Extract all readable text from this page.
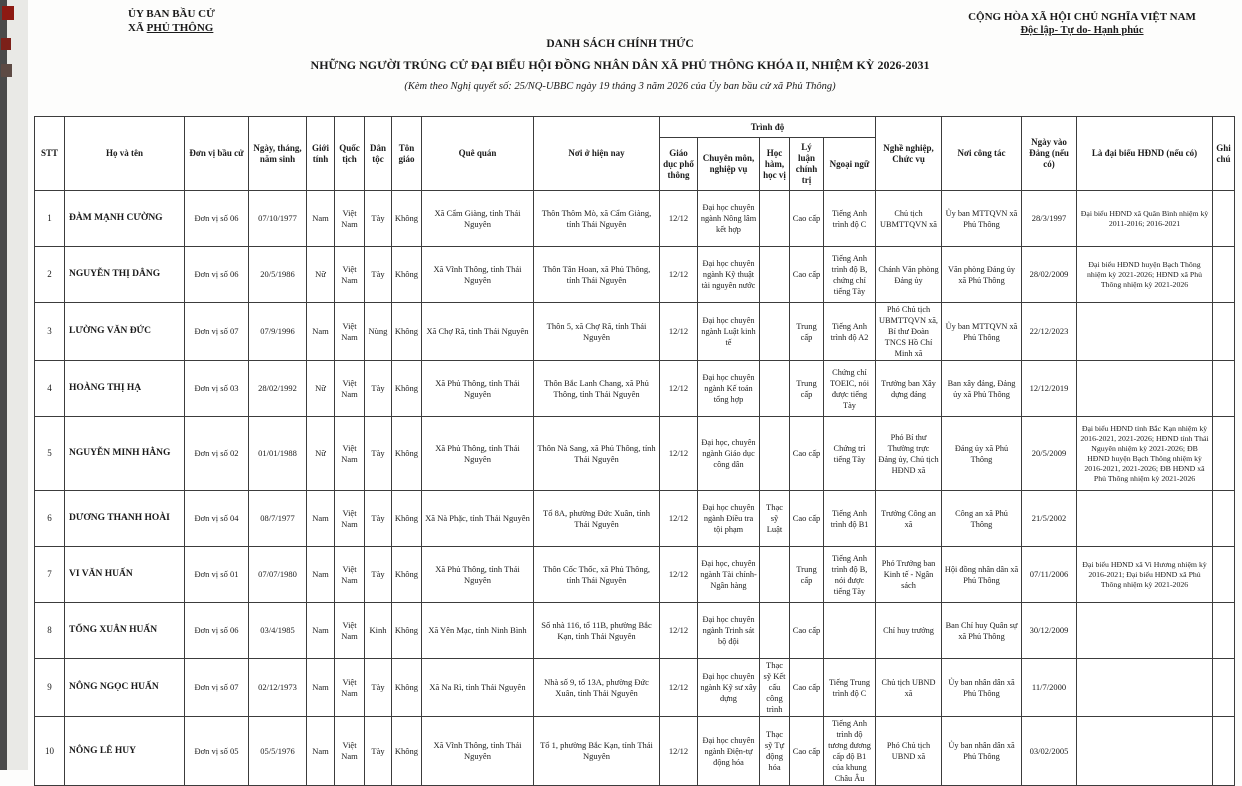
ỦY BAN BẦU CỬ
XÃ PHỦ THÔNG
CỘNG HÒA XÃ HỘI CHỦ NGHĨA VIỆT NAM
Độc lập- Tự do- Hạnh phúc
DANH SÁCH CHÍNH THỨC
NHỮNG NGƯỜI TRÚNG CỬ ĐẠI BIỂU HỘI ĐỒNG NHÂN DÂN XÃ PHỦ THÔNG KHÓA II, NHIỆM KỲ 2026-2031
(Kèm theo Nghị quyết số: 25/NQ-UBBC ngày 19 tháng 3 năm 2026 của Ủy ban bầu cử xã Phủ Thông)
STT	Họ và tên	Đơn vị bầu cử	Ngày, tháng, năm sinh	Giới tính	Quốc tịch	Dân tộc	Tôn giáo	Quê quán	Nơi ở hiện nay	Trình độ					Nghề nghiệp, Chức vụ	Nơi công tác	Ngày vào Đảng (nếu có)	Là đại biểu HĐND (nếu có)	Ghi chú
										Giáo dục phổ thông	Chuyên môn, nghiệp vụ	Học hàm, học vị	Lý luận chính trị	Ngoại ngữ					
1	ĐÀM MẠNH CƯỜNG	Đơn vị số 06	07/10/1977	Nam	Việt Nam	Tày	Không	Xã Cẩm Giàng, tỉnh Thái Nguyên	Thôn Thôm Mò, xã Cẩm Giàng, tỉnh Thái Nguyên	12/12	Đại học chuyên ngành Nông lâm kết hợp		Cao cấp	Tiếng Anh trình độ C	Chủ tịch UBMTTQVN xã	Ủy ban MTTQVN xã Phủ Thông	28/3/1997	Đại biểu HĐND xã Quân Bình nhiệm kỳ 2011-2016; 2016-2021	
2	NGUYỄN THỊ DÂNG	Đơn vị số 06	20/5/1986	Nữ	Việt Nam	Tày	Không	Xã Vĩnh Thông, tỉnh Thái Nguyên	Thôn Tân Hoan, xã Phủ Thông, tỉnh Thái Nguyên	12/12	Đại học chuyên ngành Kỹ thuật tài nguyên nước		Cao cấp	Tiếng Anh trình độ B, chứng chỉ tiếng Tày	Chánh Văn phòng Đảng ủy	Văn phòng Đảng ủy xã Phủ Thông	28/02/2009	Đại biểu HĐND huyện Bạch Thông nhiệm kỳ 2021-2026; HĐND xã Phủ Thông nhiệm kỳ 2021-2026	
3	LƯỜNG VĂN ĐỨC	Đơn vị số 07	07/9/1996	Nam	Việt Nam	Nùng	Không	Xã Chợ Rã, tỉnh Thái Nguyên	Thôn 5, xã Chợ Rã, tỉnh Thái Nguyên	12/12	Đại học chuyên ngành Luật kinh tế		Trung cấp	Tiếng Anh trình độ A2	Phó Chủ tịch UBMTTQVN xã, Bí thư Đoàn TNCS Hồ Chí Minh xã	Ủy ban MTTQVN xã Phủ Thông	22/12/2023		
4	HOÀNG THỊ HẠ	Đơn vị số 03	28/02/1992	Nữ	Việt Nam	Tày	Không	Xã Phủ Thông, tỉnh Thái Nguyên	Thôn Bắc Lanh Chang, xã Phủ Thông, tỉnh Thái Nguyên	12/12	Đại học chuyên ngành Kế toán tổng hợp		Trung cấp	Chứng chỉ TOEIC, nói được tiếng Tày	Trưởng ban Xây dựng đảng	Ban xây đảng, Đảng ủy xã Phủ Thông	12/12/2019		
5	NGUYỄN MINH HẰNG	Đơn vị số 02	01/01/1988	Nữ	Việt Nam	Tày	Không	Xã Phủ Thông, tỉnh Thái Nguyên	Thôn Nà Sang, xã Phủ Thông, tỉnh Thái Nguyên	12/12	Đại học, chuyên ngành Giáo dục công dân		Cao cấp	Chứng trỉ tiếng Tày	Phó Bí thư Thường trực Đảng ủy, Chủ tịch HĐND xã	Đảng ủy xã Phủ Thông	20/5/2009	Đại biểu HĐND tỉnh Bắc Kạn nhiệm kỳ 2016-2021, 2021-2026; HĐND tỉnh Thái Nguyên nhiệm kỳ 2021-2026; ĐB HĐND huyện Bạch Thông nhiệm kỳ 2016-2021, 2021-2026; ĐB HĐND xã Phủ Thông nhiệm kỳ 2021-2026	
6	DƯƠNG THANH HOÀI	Đơn vị số 04	08/7/1977	Nam	Việt Nam	Tày	Không	Xã Nà Phặc, tỉnh Thái Nguyên	Tổ 8A, phường Đức Xuân, tỉnh Thái Nguyên	12/12	Đại học chuyên ngành Điều tra tội phạm	Thạc sỹ Luật	Cao cấp	Tiếng Anh trình độ B1	Trưởng Công an xã	Công an xã Phủ Thông	21/5/2002		
7	VI VĂN HUẤN	Đơn vị số 01	07/07/1980	Nam	Việt Nam	Tày	Không	Xã Phủ Thông, tỉnh Thái Nguyên	Thôn Cốc Thốc, xã Phủ Thông, tỉnh Thái Nguyên	12/12	Đại học, chuyên ngành Tài chính-Ngân hàng		Trung cấp	Tiếng Anh trình độ B, nói được tiếng Tày	Phó Trưởng ban Kinh tế - Ngân sách	Hội đồng nhân dân xã Phủ Thông	07/11/2006	Đại biểu HĐND xã Vi Hương nhiệm kỳ 2016-2021; Đại biểu HĐND xã Phủ Thông nhiệm kỳ 2021-2026	
8	TỐNG XUÂN HUẤN	Đơn vị số 06	03/4/1985	Nam	Việt Nam	Kinh	Không	Xã Yên Mạc, tỉnh Ninh Bình	Số nhà 116, tổ 11B, phường Bắc Kạn, tỉnh Thái Nguyên	12/12	Đại học chuyên ngành Trinh sát bộ đội		Cao cấp		Chỉ huy trưởng	Ban Chỉ huy Quân sự xã Phủ Thông	30/12/2009		
9	NÔNG NGỌC HUẤN	Đơn vị số 07	02/12/1973	Nam	Việt Nam	Tày	Không	Xã Na Rì, tỉnh Thái Nguyên	Nhà số 9, tổ 13A, phường Đức Xuân, tỉnh Thái Nguyên	12/12	Đại học chuyên ngành Kỹ sư xây dựng	Thạc sỹ Kết cấu công trình	Cao cấp	Tiếng Trung trình độ C	Chủ tịch UBND xã	Ủy ban nhân dân xã Phủ Thông	11/7/2000		
10	NÔNG LÊ HUY	Đơn vị số 05	05/5/1976	Nam	Việt Nam	Tày	Không	Xã Vĩnh Thông, tỉnh Thái Nguyên	Tổ 1, phường Bắc Kạn, tỉnh Thái Nguyên	12/12	Đại học chuyên ngành Điện-tự động hóa	Thạc sỹ Tự động hóa	Cao cấp	Tiếng Anh trình độ tương đương cấp độ B1 của khung Châu Âu	Phó Chủ tịch UBND xã	Ủy ban nhân dân xã Phủ Thông	03/02/2005		
